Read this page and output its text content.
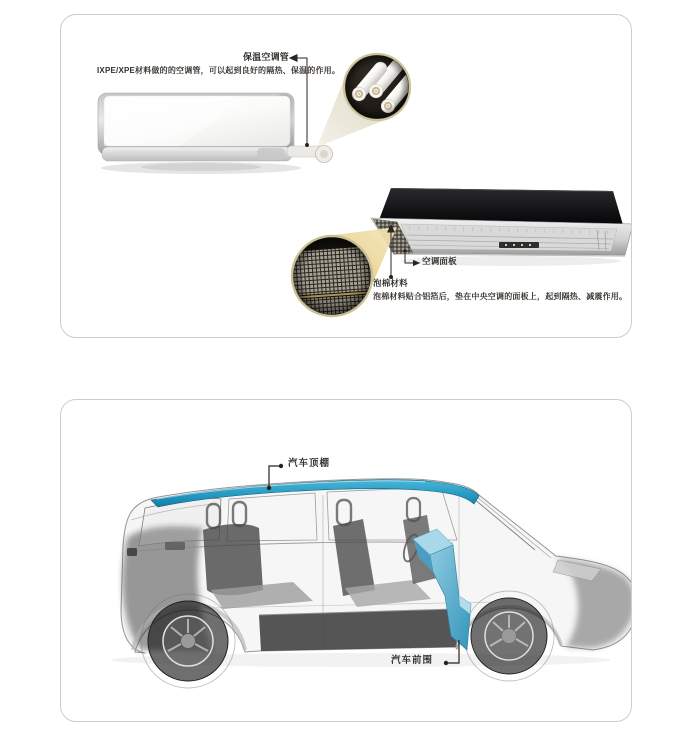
保温空调管
IXPE/XPE材料做的的空调管，可以起到良好的隔热、保温的作用。
空调面板
泡棉材料
泡棉材料贴合铝箔后，垫在中央空调的面板上，起到隔热、减震作用。
汽车顶棚
汽车前围
